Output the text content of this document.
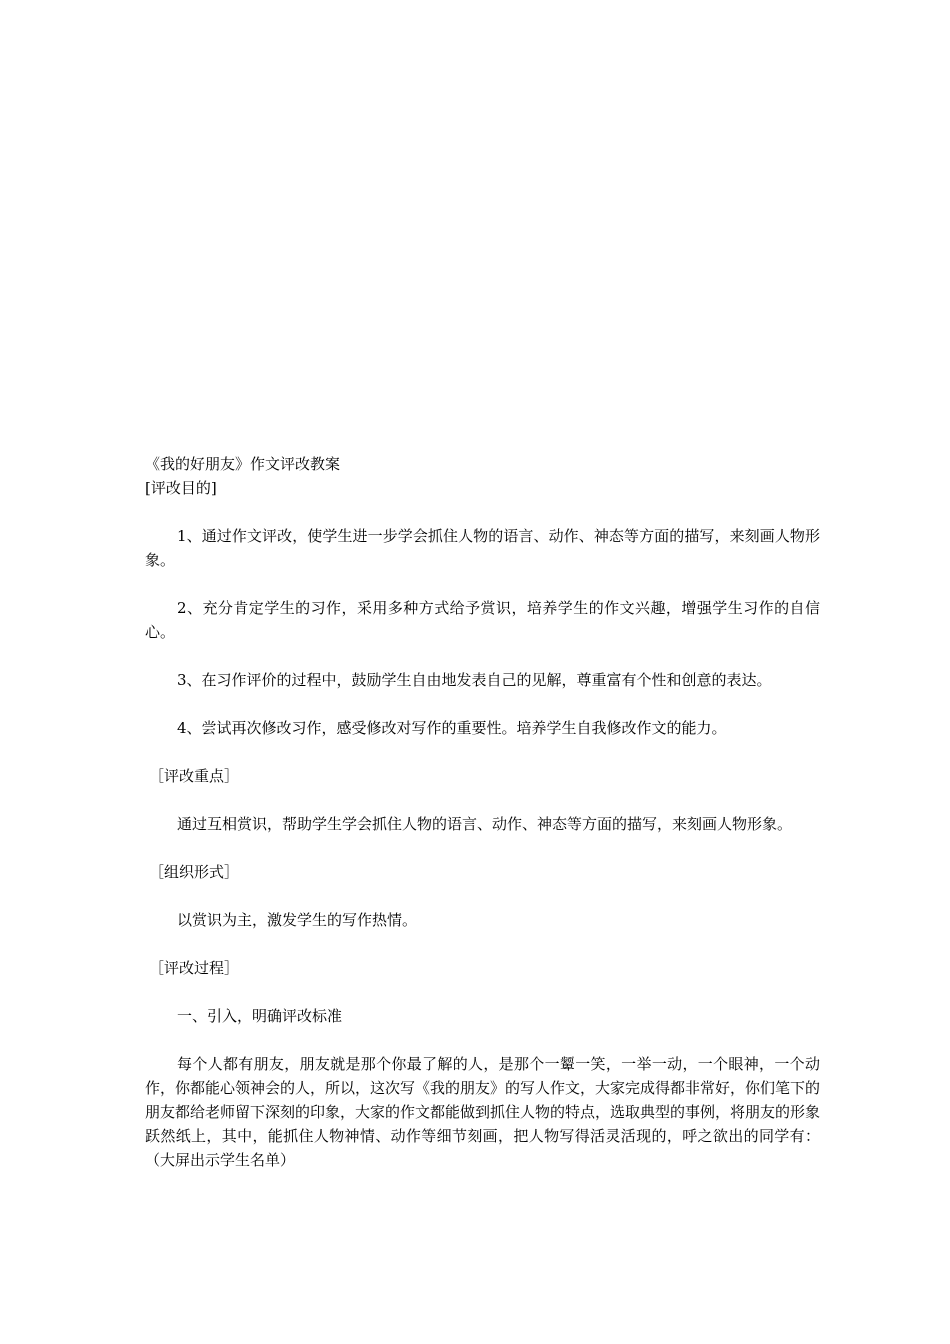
《我的好朋友》作文评改教案

[评改目的]

1、通过作文评改，使学生进一步学会抓住人物的语言、动作、神态等方面的描写，来刻画人物形象。

2、充分肯定学生的习作，采用多种方式给予赏识，培养学生的作文兴趣，增强学生习作的自信心。

3、在习作评价的过程中，鼓励学生自由地发表自己的见解，尊重富有个性和创意的表达。

4、尝试再次修改习作，感受修改对写作的重要性。培养学生自我修改作文的能力。

［评改重点］

通过互相赏识，帮助学生学会抓住人物的语言、动作、神态等方面的描写，来刻画人物形象。

［组织形式］

以赏识为主，激发学生的写作热情。

［评改过程］

一、引入，明确评改标准

每个人都有朋友，朋友就是那个你最了解的人，是那个一颦一笑，一举一动，一个眼神，一个动作，你都能心领神会的人，所以，这次写《我的朋友》的写人作文，大家完成得都非常好，你们笔下的朋友都给老师留下深刻的印象，大家的作文都能做到抓住人物的特点，选取典型的事例，将朋友的形象跃然纸上，其中，能抓住人物神情、动作等细节刻画，把人物写得活灵活现的，呼之欲出的同学有：（大屏出示学生名单）
